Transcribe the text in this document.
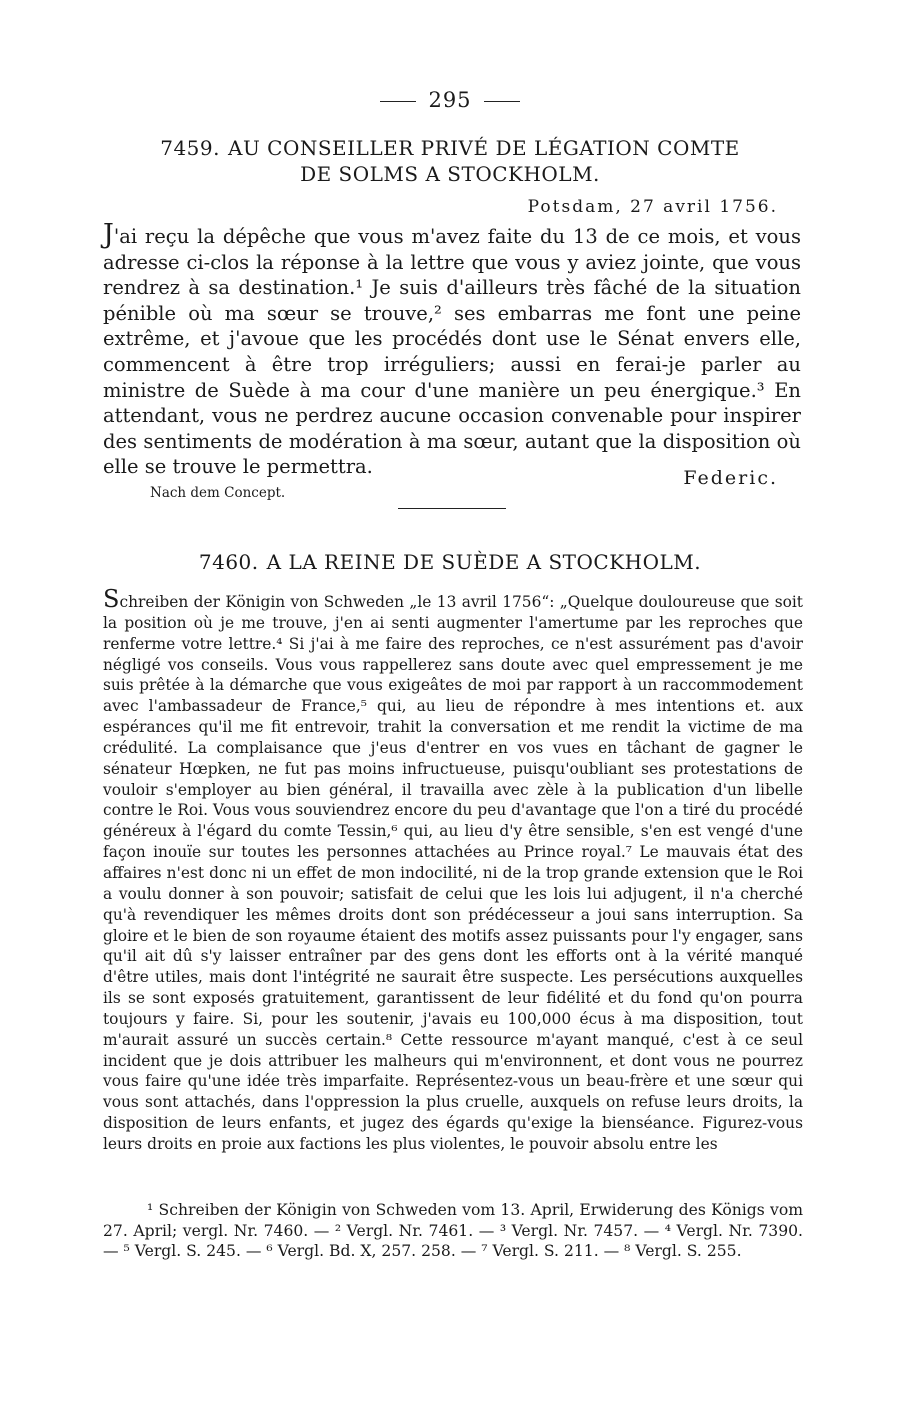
295
7459. AU CONSEILLER PRIVÉ DE LÉGATION COMTE
DE SOLMS A STOCKHOLM.
Potsdam, 27 avril 1756.
J'ai reçu la dépêche que vous m'avez faite du 13 de ce mois, et vous adresse ci-clos la réponse à la lettre que vous y aviez jointe, que vous rendrez à sa destination.¹ Je suis d'ailleurs très fâché de la situation pénible où ma sœur se trouve,² ses embarras me font une peine extrême, et j'avoue que les procédés dont use le Sénat envers elle, commencent à être trop irréguliers; aussi en ferai-je parler au ministre de Suède à ma cour d'une manière un peu énergique.³ En attendant, vous ne perdrez aucune occasion convenable pour inspirer des sentiments de modération à ma sœur, autant que la disposition où elle se trouve le permettra.	Federic.
Nach dem Concept.
7460. A LA REINE DE SUÈDE A STOCKHOLM.
Schreiben der Königin von Schweden „le 13 avril 1756“: „Quelque douloureuse que soit la position où je me trouve, j'en ai senti augmenter l'amertume par les reproches que renferme votre lettre.⁴ Si j'ai à me faire des reproches, ce n'est assurément pas d'avoir négligé vos conseils. Vous vous rappellerez sans doute avec quel empressement je me suis prêtée à la démarche que vous exigeâtes de moi par rapport à un raccommodement avec l'ambassadeur de France,⁵ qui, au lieu de répondre à mes intentions et. aux espérances qu'il me fit entrevoir, trahit la conversation et me rendit la victime de ma crédulité. La complaisance que j'eus d'entrer en vos vues en tâchant de gagner le sénateur Hœpken, ne fut pas moins infructueuse, puisqu'oubliant ses protestations de vouloir s'employer au bien général, il travailla avec zèle à la publication d'un libelle contre le Roi. Vous vous souviendrez encore du peu d'avantage que l'on a tiré du procédé généreux à l'égard du comte Tessin,⁶ qui, au lieu d'y être sensible, s'en est vengé d'une façon inouïe sur toutes les personnes attachées au Prince royal.⁷ Le mauvais état des affaires n'est donc ni un effet de mon indocilité, ni de la trop grande extension que le Roi a voulu donner à son pouvoir; satisfait de celui que les lois lui adjugent, il n'a cherché qu'à revendiquer les mêmes droits dont son prédécesseur a joui sans interruption. Sa gloire et le bien de son royaume étaient des motifs assez puissants pour l'y engager, sans qu'il ait dû s'y laisser entraîner par des gens dont les efforts ont à la vérité manqué d'être utiles, mais dont l'intégrité ne saurait être suspecte. Les persécutions auxquelles ils se sont exposés gratuitement, garantissent de leur fidélité et du fond qu'on pourra toujours y faire. Si, pour les soutenir, j'avais eu 100,000 écus à ma disposition, tout m'aurait assuré un succès certain.⁸ Cette ressource m'ayant manqué, c'est à ce seul incident que je dois attribuer les malheurs qui m'environnent, et dont vous ne pourrez vous faire qu'une idée très imparfaite. Représentez-vous un beau-frère et une sœur qui vous sont attachés, dans l'oppression la plus cruelle, auxquels on refuse leurs droits, la disposition de leurs enfants, et jugez des égards qu'exige la bienséance. Figurez-vous leurs droits en proie aux factions les plus violentes, le pouvoir absolu entre les
¹ Schreiben der Königin von Schweden vom 13. April, Erwiderung des Königs vom 27. April; vergl. Nr. 7460. — ² Vergl. Nr. 7461. — ³ Vergl. Nr. 7457. — ⁴ Vergl. Nr. 7390. — ⁵ Vergl. S. 245. — ⁶ Vergl. Bd. X, 257. 258. — ⁷ Vergl. S. 211. — ⁸ Vergl. S. 255.
